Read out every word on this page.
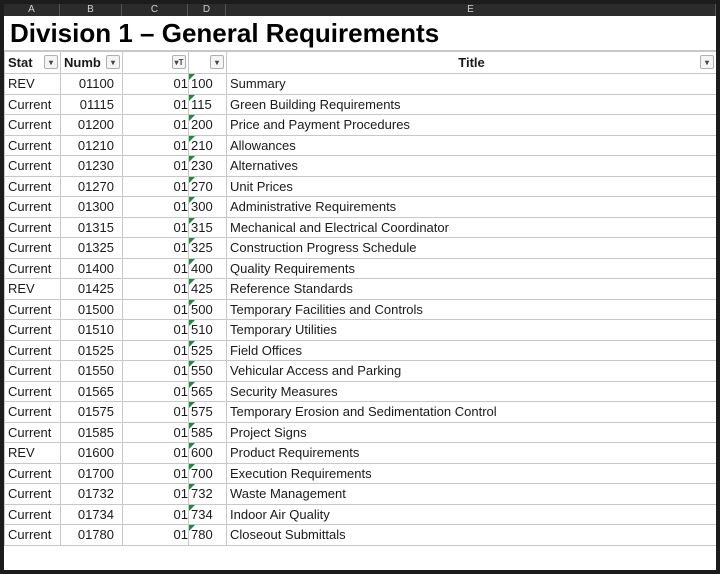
A	B	C	D	E
Division 1 – General Requirements
Stat ▾	Numb ▾	▾T	▾	Title ▾

REV	01100	01	100	Summary
Current	01115	01	115	Green Building Requirements
Current	01200	01	200	Price and Payment Procedures
Current	01210	01	210	Allowances
Current	01230	01	230	Alternatives
Current	01270	01	270	Unit Prices
Current	01300	01	300	Administrative Requirements
Current	01315	01	315	Mechanical and Electrical Coordinator
Current	01325	01	325	Construction Progress Schedule
Current	01400	01	400	Quality Requirements
REV	01425	01	425	Reference Standards
Current	01500	01	500	Temporary Facilities and Controls
Current	01510	01	510	Temporary Utilities
Current	01525	01	525	Field Offices
Current	01550	01	550	Vehicular Access and Parking
Current	01565	01	565	Security Measures
Current	01575	01	575	Temporary Erosion and Sedimentation Control
Current	01585	01	585	Project Signs
REV	01600	01	600	Product Requirements
Current	01700	01	700	Execution Requirements
Current	01732	01	732	Waste Management
Current	01734	01	734	Indoor Air Quality
Current	01780	01	780	Closeout Submittals
